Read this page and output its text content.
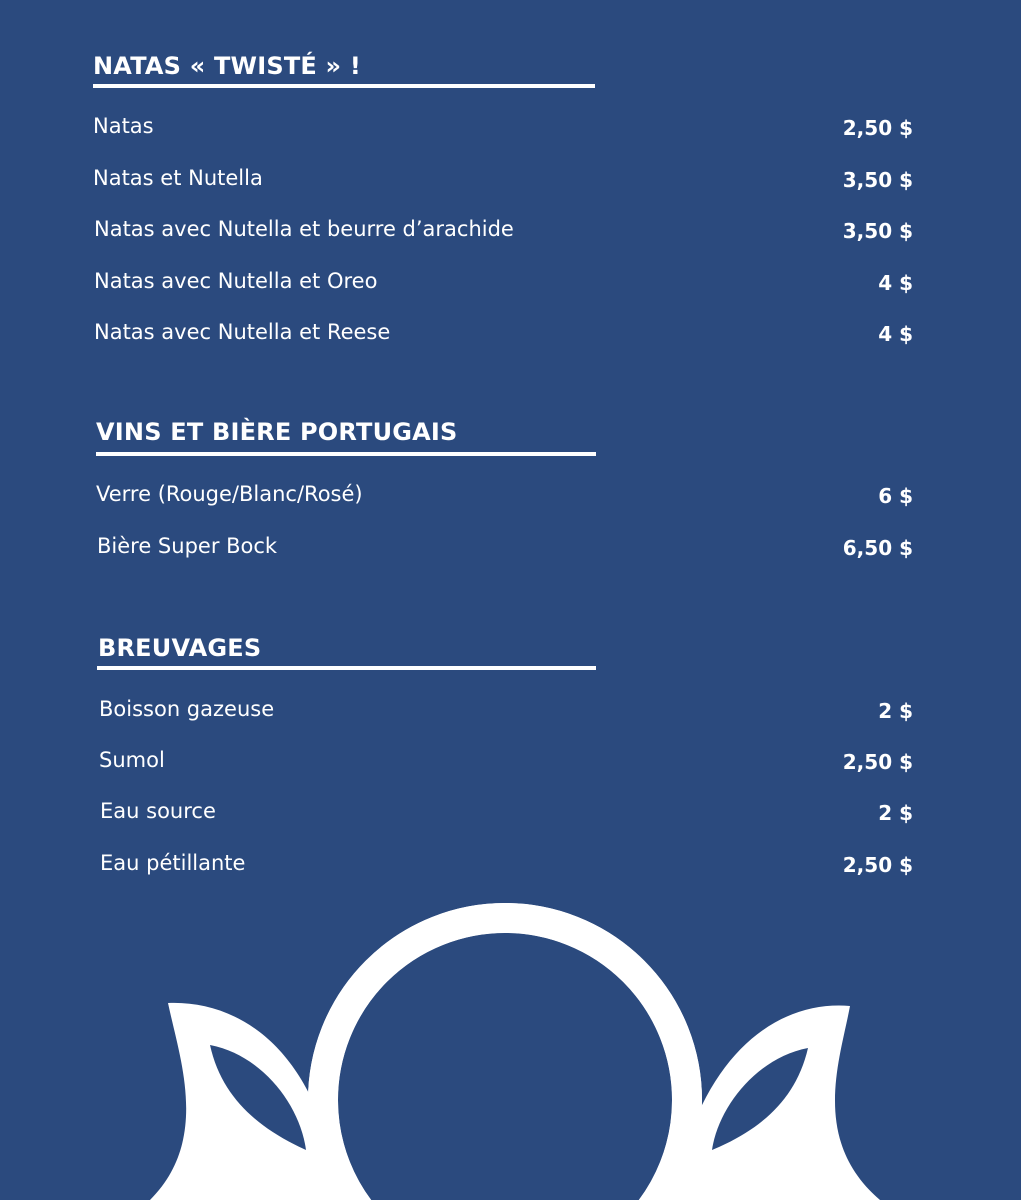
NATAS « TWISTÉ » !
Natas	2,50 $
Natas et Nutella	3,50 $
Natas avec Nutella et beurre d’arachide	3,50 $
Natas avec Nutella et Oreo	4 $
Natas avec Nutella et Reese	4 $
VINS ET BIÈRE PORTUGAIS
Verre (Rouge/Blanc/Rosé)	6 $
Bière Super Bock	6,50 $
BREUVAGES
Boisson gazeuse	2 $
Sumol	2,50 $
Eau source	2 $
Eau pétillante	2,50 $
